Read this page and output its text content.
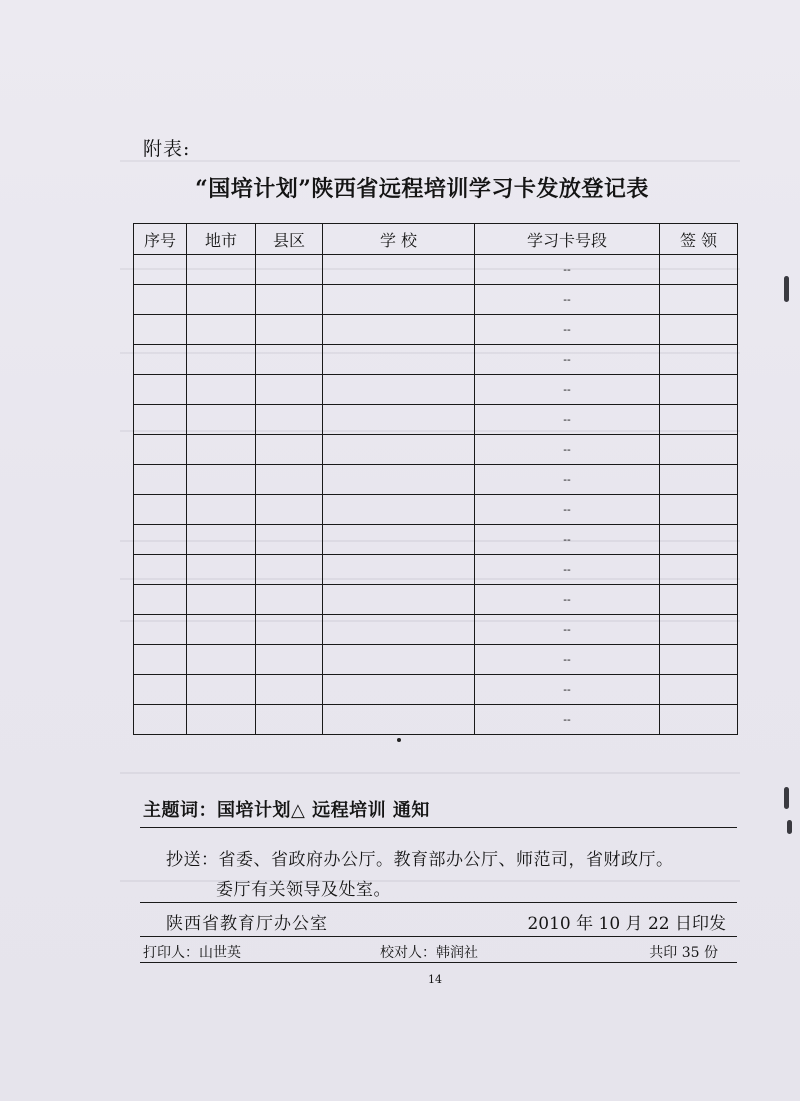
附表:
“国培计划”陕西省远程培训学习卡发放登记表
序号	地市	县区	学 校	学习卡号段	签 领
				--	
				--	
				--	
				--	
				--	
				--	
				--	
				--	
				--	
				--	
				--	
				--	
				--	
				--	
				--	
				--	
主题词：国培计划△ 远程培训 通知
抄送：省委、省政府办公厅。教育部办公厅、师范司，省财政厅。
委厅有关领导及处室。
陕西省教育厅办公室	2010 年 10 月 22 日印发
打印人：山世英	校对人：韩润社	共印 35 份
14
